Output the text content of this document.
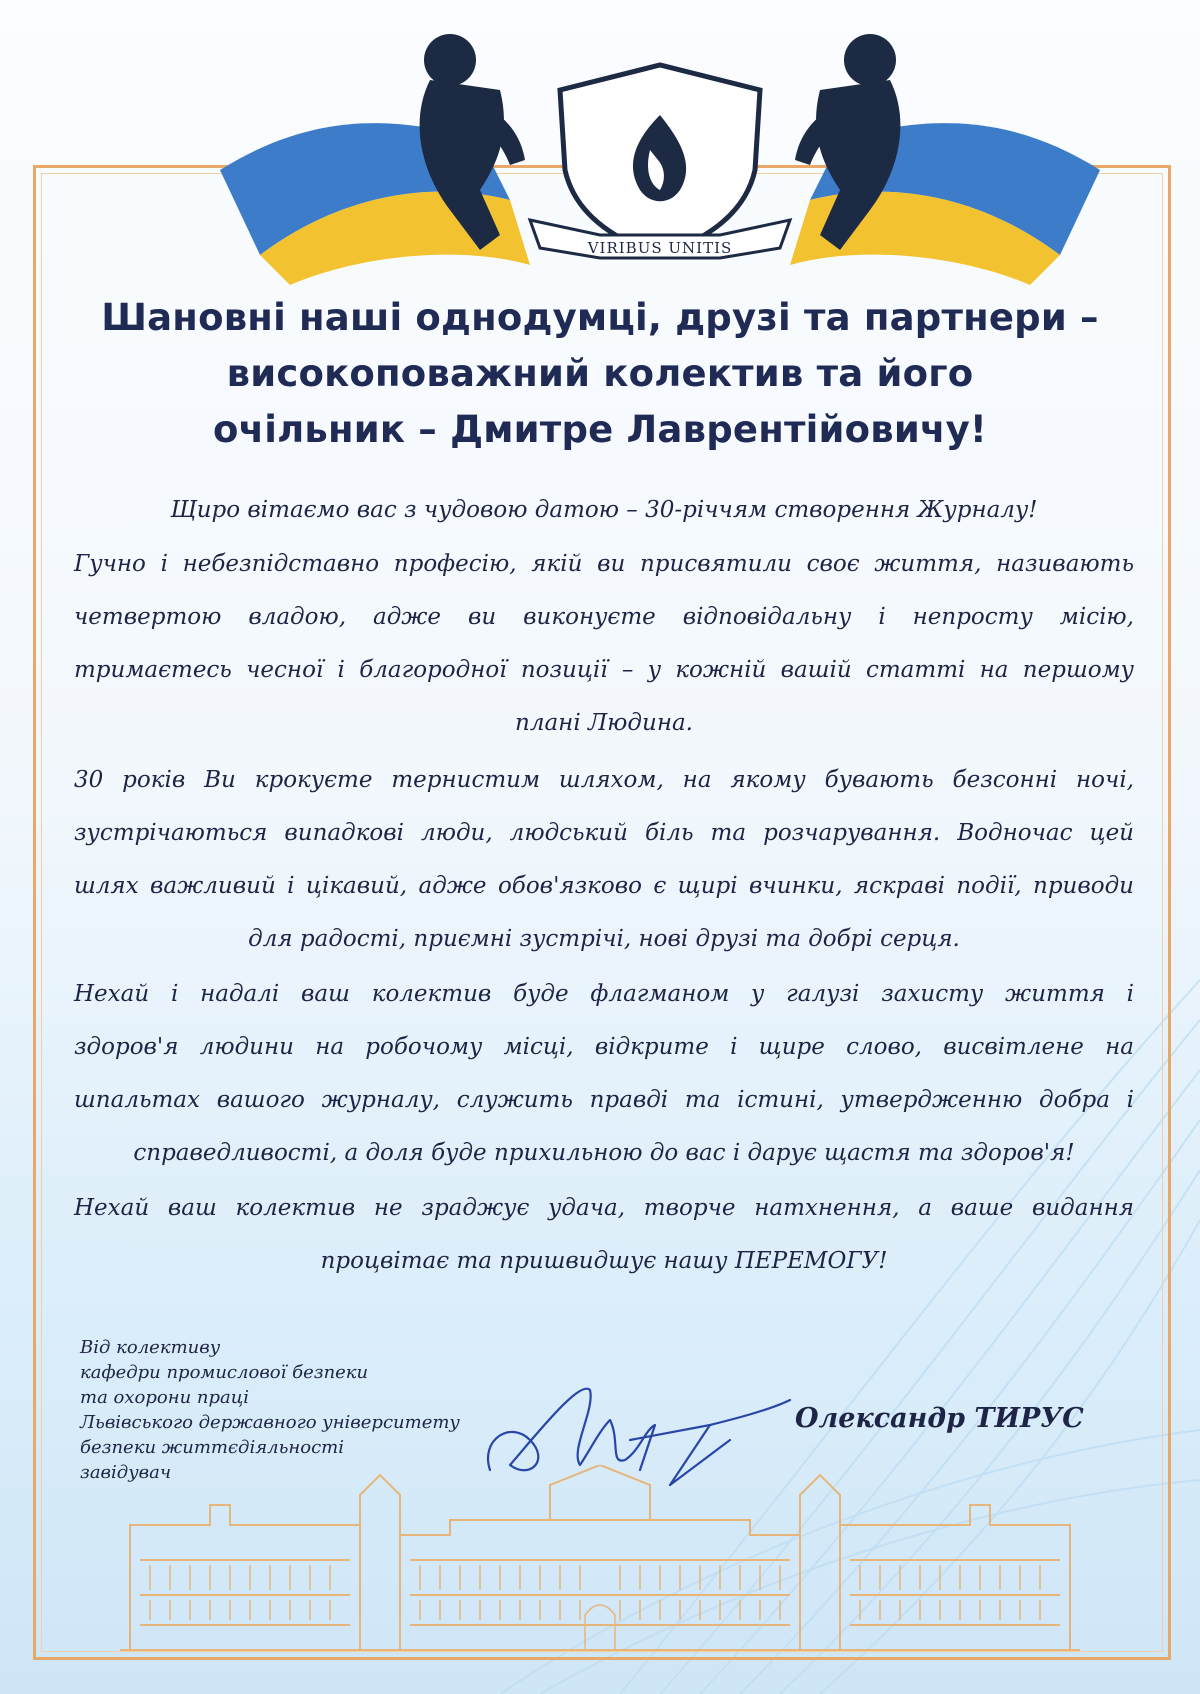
VIRIBUS UNITIS
Шановні наші однодумці, друзі та партнери –
високоповажний колектив та його
очільник – Дмитре Лаврентійовичу!
Щиро вітаємо вас з чудовою датою – 30-річчям створення Журналу!
Гучно і небезпідставно професію, якій ви присвятили своє життя, називають
четвертою владою, адже ви виконуєте відповідальну і непросту місію,
тримаєтесь чесної і благородної позиції – у кожній вашій статті на першому
плані Людина.
30 років Ви крокуєте тернистим шляхом, на якому бувають безсонні ночі,
зустрічаються випадкові люди, людський біль та розчарування. Водночас цей
шлях важливий і цікавий, адже обов'язково є щирі вчинки, яскраві події, приводи
для радості, приємні зустрічі, нові друзі та добрі серця.
Нехай і надалі ваш колектив буде флагманом у галузі захисту життя і
здоров'я людини на робочому місці, відкрите і щире слово, висвітлене на
шпальтах вашого журналу, служить правді та істині, утвердженню добра і
справедливості, а доля буде прихильною до вас і дарує щастя та здоров'я!
Нехай ваш колектив не зраджує удача, творче натхнення, а ваше видання
процвітає та пришвидшує нашу ПЕРЕМОГУ!
Від колективу
кафедри промислової безпеки
та охорони праці
Львівського державного університету
безпеки життєдіяльності
завідувач
Олександр ТИРУС
